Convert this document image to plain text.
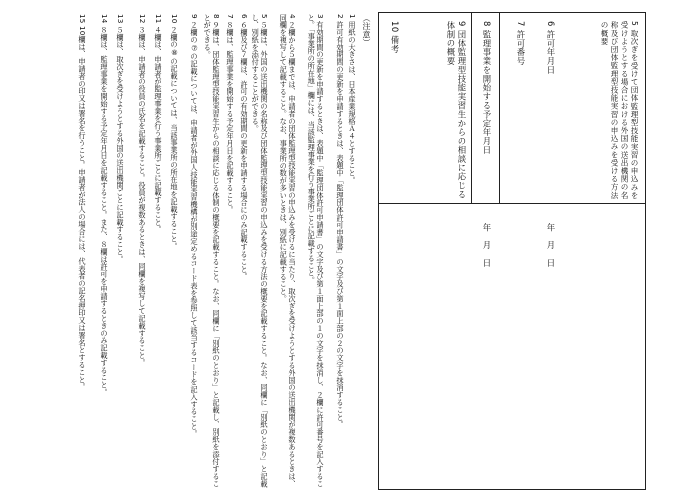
5 取次ぎを受けて団体監理型技能実習の申込みを受けようとする場合における外国の送出機関の名称及び団体監理型技能実習の申込みを受ける方法の概要
6 許可年月日
年　月　日
7 許可番号
8 監理事業を開始する予定年月日
年　月　日
9 団体監理型技能実習生からの相談に応じる体制の概要
10 備考
（注意）
1 用紙の大きさは、日本産業規格Ａ４とすること。
2 許可有効期間の更新を申請するときは、表題中「監理団体許可申請書」の文字及び第１面上部の２の文字を抹消すること。
3 有効期間の更新を申請するときは、表題中「監理団体許可申請書」の文字及び第１面上部の１の文字を抹消し、２欄に許可番号を記入すること。「事業所の所在地」欄には、当該監理事業を行う事業所ごとに記載すること。
4 ２欄から５欄までは、申請者の団体監理型技能実習の申込みを受けるに当たり、取次ぎを受けようとする外国の送出機関が複数あるときは、同欄を複写して記載すること。なお、事業所の数が多いときは、別紙に記載すること。
5 ５欄は、外国の送出機関の名称及び団体監理型技能実習の申込みを受ける方法の概要を記載すること。なお、同欄に「別紙のとおり」と記載し、別紙を添付することができる。
6 ６欄及び７欄は、許可の有効期間の更新を申請する場合にのみ記載すること。
7 ８欄は、監理事業を開始する予定年月日を記載すること。
8 ９欄は、団体監理型技能実習生からの相談に応じる体制の概要を記載すること。なお、同欄に「別紙のとおり」と記載し、別紙を添付することができる。
9 ２欄の⑦の記載については、申請者が外国人技能実習機構が別途定めるコード表を参照して該当するコードを記入すること。
10 ２欄の⑧の記載については、当該事業所の所在地を記載すること。
11 ４欄は、申請者が監理事業を行う事業所ごとに記載すること。
12 ３欄は、申請者の役員の氏名を記載すること。役員が複数あるときは、同欄を複写して記載すること。
13 ５欄は、取次ぎを受けようとする外国の送出機関ごとに記載すること。
14 ８欄は、監理事業を開始する予定年月日を記載すること。また、８欄は許可を申請するときのみ記載すること。
15 10欄は、申請者の印又は署名を行うこと。申請者が法人の場合には、代表者の記名押印又は署名とすること。
